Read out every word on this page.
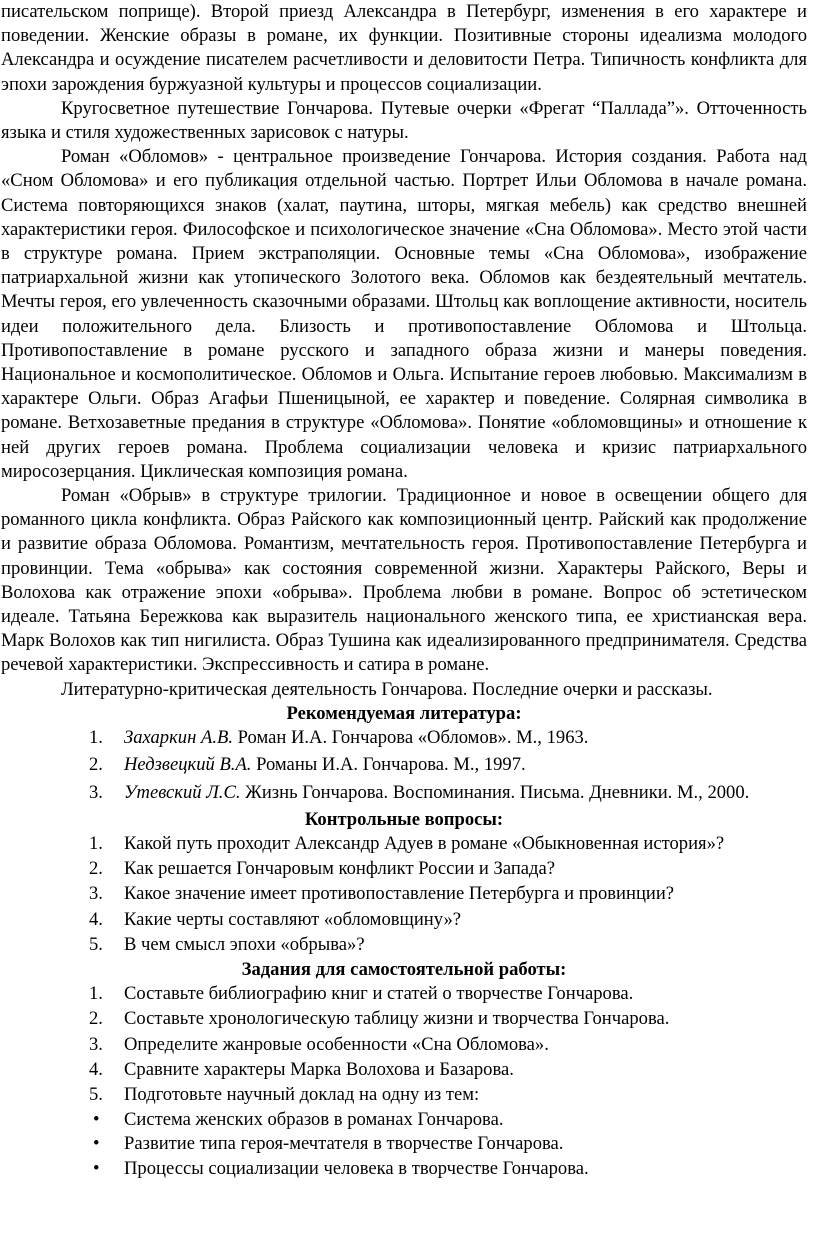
писательском поприще). Второй приезд Александра в Петербург, изменения в его характере и поведении. Женские образы в романе, их функции. Позитивные стороны идеализма молодого Александра и осуждение писателем расчетливости и деловитости Петра. Типичность конфликта для эпохи зарождения буржуазной культуры и процессов социализации.

Кругосветное путешествие Гончарова. Путевые очерки «Фрегат “Паллада”». Отточенность языка и стиля художественных зарисовок с натуры.

Роман «Обломов» - центральное произведение Гончарова. История создания. Работа над «Сном Обломова» и его публикация отдельной частью. Портрет Ильи Обломова в начале романа. Система повторяющихся знаков (халат, паутина, шторы, мягкая мебель) как средство внешней характеристики героя. Философское и психологическое значение «Сна Обломова». Место этой части в структуре романа. Прием экстраполяции. Основные темы «Сна Обломова», изображение патриархальной жизни как утопического Золотого века. Обломов как бездеятельный мечтатель. Мечты героя, его увлеченность сказочными образами. Штольц как воплощение активности, носитель идеи положительного дела. Близость и противопоставление Обломова и Штольца. Противопоставление в романе русского и западного образа жизни и манеры поведения. Национальное и космополитическое. Обломов и Ольга. Испытание героев любовью. Максимализм в характере Ольги. Образ Агафьи Пшеницыной, ее характер и поведение. Солярная символика в романе. Ветхозаветные предания в структуре «Обломова». Понятие «обломовщины» и отношение к ней других героев романа. Проблема социализации человека и кризис патриархального миросозерцания. Циклическая композиция романа.

Роман «Обрыв» в структуре трилогии. Традиционное и новое в освещении общего для романного цикла конфликта. Образ Райского как композиционный центр. Райский как продолжение и развитие образа Обломова. Романтизм, мечтательность героя. Противопоставление Петербурга и провинции. Тема «обрыва» как состояния современной жизни. Характеры Райского, Веры и Волохова как отражение эпохи «обрыва». Проблема любви в романе. Вопрос об эстетическом идеале. Татьяна Бережкова как выразитель национального женского типа, ее христианская вера. Марк Волохов как тип нигилиста. Образ Тушина как идеализированного предпринимателя. Средства речевой характеристики. Экспрессивность и сатира в романе.

Литературно-критическая деятельность Гончарова. Последние очерки и рассказы.

Рекомендуемая литература:
1. Захаркин А.В. Роман И.А. Гончарова «Обломов». М., 1963.
2. Недзвецкий В.А. Романы И.А. Гончарова. М., 1997.
3. Утевский Л.С. Жизнь Гончарова. Воспоминания. Письма. Дневники. М., 2000.
Контрольные вопросы:
1. Какой путь проходит Александр Адуев в романе «Обыкновенная история»?
2. Как решается Гончаровым конфликт России и Запада?
3. Какое значение имеет противопоставление Петербурга и провинции?
4. Какие черты составляют «обломовщину»?
5. В чем смысл эпохи «обрыва»?
Задания для самостоятельной работы:
1. Составьте библиографию книг и статей о творчестве Гончарова.
2. Составьте хронологическую таблицу жизни и творчества Гончарова.
3. Определите жанровые особенности «Сна Обломова».
4. Сравните характеры Марка Волохова и Базарова.
5. Подготовьте научный доклад на одну из тем:
• Система женских образов в романах Гончарова.
• Развитие типа героя-мечтателя в творчестве Гончарова.
• Процессы социализации человека в творчестве Гончарова.
